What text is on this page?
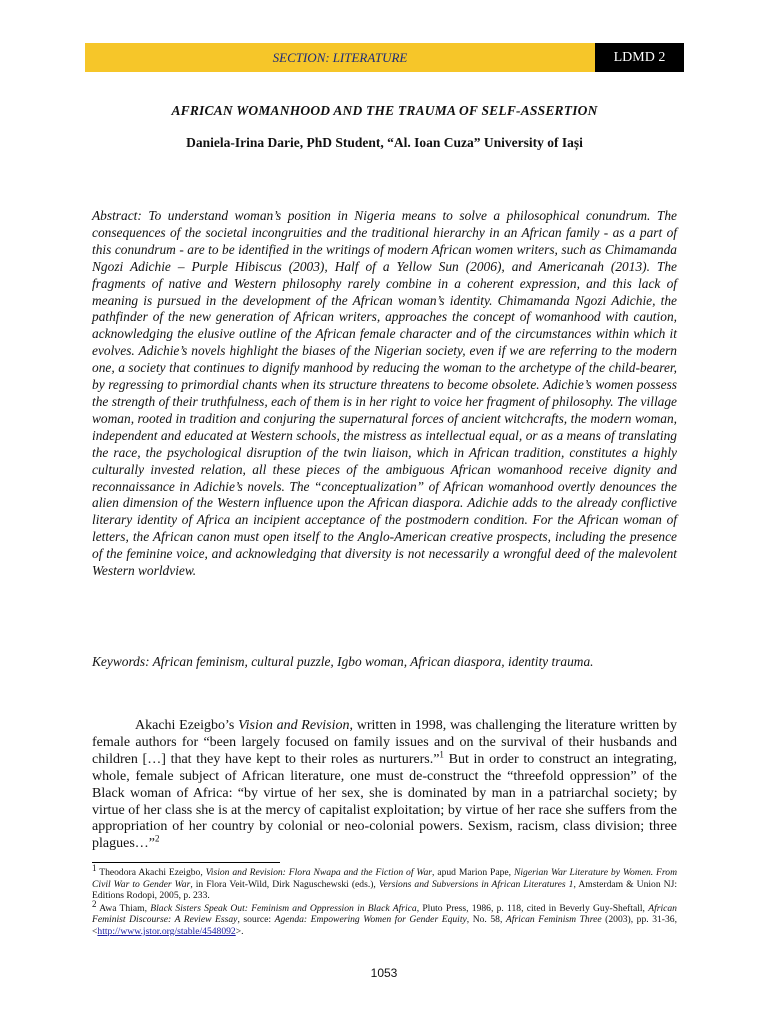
SECTION: LITERATURE	LDMD 2
AFRICAN WOMANHOOD AND THE TRAUMA OF SELF-ASSERTION
Daniela-Irina Darie, PhD Student, “Al. Ioan Cuza” University of Iași

Abstract: To understand woman’s position in Nigeria means to solve a philosophical conundrum. The consequences of the societal incongruities and the traditional hierarchy in an African family - as a part of this conundrum - are to be identified in the writings of modern African women writers, such as Chimamanda Ngozi Adichie – Purple Hibiscus (2003), Half of a Yellow Sun (2006), and Americanah (2013). The fragments of native and Western philosophy rarely combine in a coherent expression, and this lack of meaning is pursued in the development of the African woman’s identity. Chimamanda Ngozi Adichie, the pathfinder of the new generation of African writers, approaches the concept of womanhood with caution, acknowledging the elusive outline of the African female character and of the circumstances within which it evolves. Adichie’s novels highlight the biases of the Nigerian society, even if we are referring to the modern one, a society that continues to dignify manhood by reducing the woman to the archetype of the child-bearer, by regressing to primordial chants when its structure threatens to become obsolete. Adichie’s women possess the strength of their truthfulness, each of them is in her right to voice her fragment of philosophy. The village woman, rooted in tradition and conjuring the supernatural forces of ancient witchcrafts, the modern woman, independent and educated at Western schools, the mistress as intellectual equal, or as a means of translating the race, the psychological disruption of the twin liaison, which in African tradition, constitutes a highly culturally invested relation, all these pieces of the ambiguous African womanhood receive dignity and reconnaissance in Adichie’s novels. The “conceptualization” of African womanhood overtly denounces the alien dimension of the Western influence upon the African diaspora. Adichie adds to the already conflictive literary identity of Africa an incipient acceptance of the postmodern condition. For the African woman of letters, the African canon must open itself to the Anglo-American creative prospects, including the presence of the feminine voice, and acknowledging that diversity is not necessarily a wrongful deed of the malevolent Western worldview.

Keywords: African feminism, cultural puzzle, Igbo woman, African diaspora, identity trauma.

Akachi Ezeigbo’s Vision and Revision, written in 1998, was challenging the literature written by female authors for “been largely focused on family issues and on the survival of their husbands and children […] that they have kept to their roles as nurturers.”$^1$ But in order to construct an integrating, whole, female subject of African literature, one must de-construct the “threefold oppression” of the Black woman of Africa: “by virtue of her sex, she is dominated by man in a patriarchal society; by virtue of her class she is at the mercy of capitalist exploitation; by virtue of her race she suffers from the appropriation of her country by colonial or neo-colonial powers. Sexism, racism, class division; three plagues…”$^2$

$^1$ Theodora Akachi Ezeigbo, Vision and Revision: Flora Nwapa and the Fiction of War, apud Marion Pape, Nigerian War Literature by Women. From Civil War to Gender War, in Flora Veit-Wild, Dirk Naguschewski (eds.), Versions and Subversions in African Literatures 1, Amsterdam & Union NJ: Editions Rodopi, 2005, p. 233.

$^2$ Awa Thiam, Black Sisters Speak Out: Feminism and Oppression in Black Africa, Pluto Press, 1986, p. 118, cited in Beverly Guy-Sheftall, African Feminist Discourse: A Review Essay, source: Agenda: Empowering Women for Gender Equity, No. 58, African Feminism Three (2003), pp. 31-36, <http://www.jstor.org/stable/4548092>.

1053
